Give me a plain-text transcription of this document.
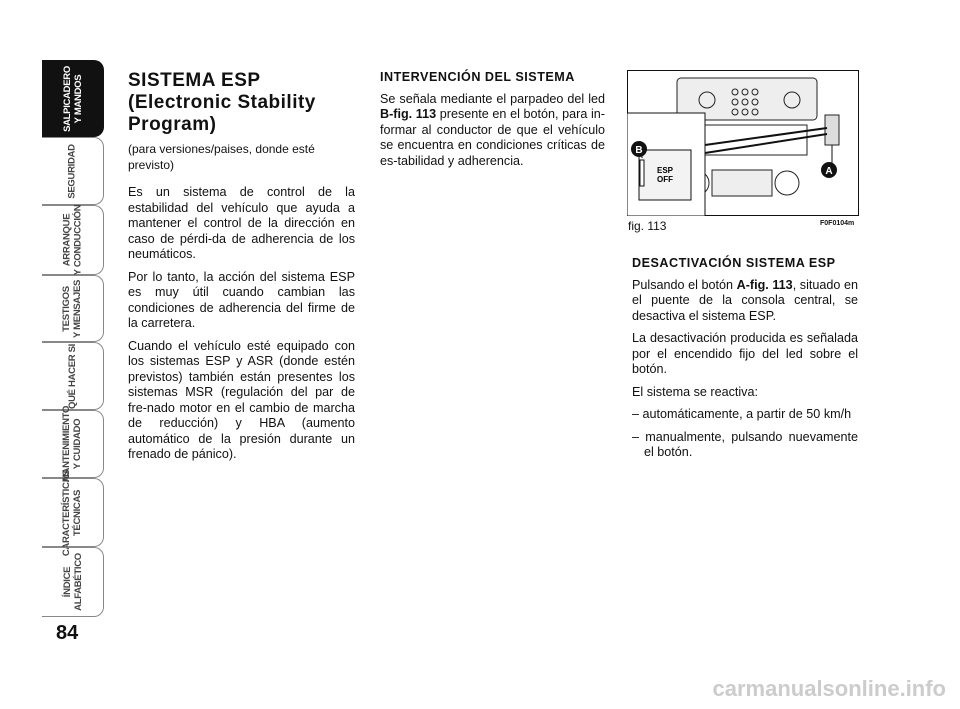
SALPICADERO
Y MANDOS
SEGURIDAD
ARRANQUE
Y CONDUCCIÓN
TESTIGOS
Y MENSAJES
QUÉ HACER SI
MANTENIMIENTO
Y CUIDADO
CARACTERÍSTICAS
TÉCNICAS
ÍNDICE
ALFABÉTICO
84
SISTEMA ESP
(Electronic Stability
Program)

(para versiones/paises, donde esté previsto)

Es un sistema de control de la estabilidad del vehículo que ayuda a mantener el control de la dirección en caso de pérdi-da de adherencia de los neumáticos.

Por lo tanto, la acción del sistema ESP es muy útil cuando cambian las condiciones de adherencia del firme de la carretera.

Cuando el vehículo esté equipado con los sistemas ESP y ASR (donde estén previstos) también están presentes los sistemas MSR (regulación del par de fre-nado motor en el cambio de marcha de reducción) y HBA (aumento automático de la presión durante un frenado de pánico).

INTERVENCIÓN DEL SISTEMA

Se señala mediante el parpadeo del led B-fig. 113 presente en el botón, para in-formar al conductor de que el vehículo se encuentra en condiciones críticas de es-tabilidad y adherencia.

ESP
OFF
B
A
fig. 113	F0F0104m
DESACTIVACIÓN SISTEMA ESP

Pulsando el botón A-fig. 113, situado en el puente de la consola central, se desactiva el sistema ESP.

La desactivación producida es señalada por el encendido fijo del led sobre el botón.

El sistema se reactiva:

– automáticamente, a partir de 50 km/h

– manualmente, pulsando nuevamente el botón.

carmanualsonline.info
